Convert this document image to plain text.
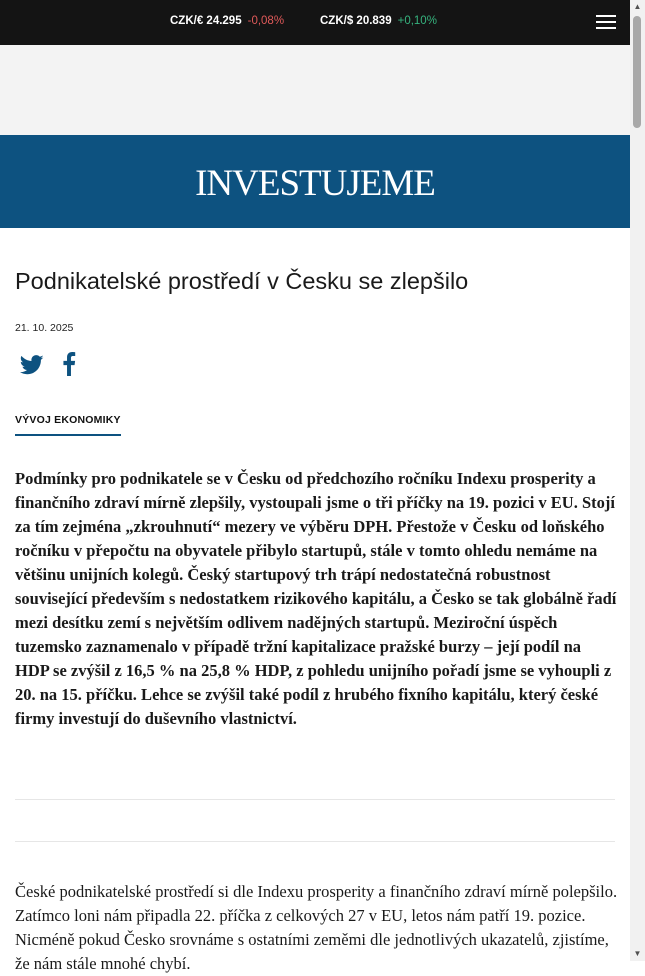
CZK/€ 24.295 -0,08%	CZK/$ 20.839 +0,10%
INVESTUJEME
Podnikatelské prostředí v Česku se zlepšilo
21. 10. 2025

VÝVOJ EKONOMIKY

Podmínky pro podnikatele se v Česku od předchozího ročníku Indexu prosperity a finančního zdraví mírně zlepšily, vystoupali jsme o tři příčky na 19. pozici v EU. Stojí za tím zejména „zkrouhnutí“ mezery ve výběru DPH. Přestože v Česku od loňského ročníku v přepočtu na obyvatele přibylo startupů, stále v tomto ohledu nemáme na většinu unijních kolegů. Český startupový trh trápí nedostatečná robustnost související především s nedostatkem rizikového kapitálu, a Česko se tak globálně řadí mezi desítku zemí s největším odlivem nadějných startupů. Meziroční úspěch tuzemsko zaznamenalo v případě tržní kapitalizace pražské burzy – její podíl na HDP se zvýšil z 16,5 % na 25,8 % HDP, z pohledu unijního pořadí jsme se vyhoupli z 20. na 15. příčku. Lehce se zvýšil také podíl z hrubého fixního kapitálu, který české firmy investují do duševního vlastnictví.

České podnikatelské prostředí si dle Indexu prosperity a finančního zdraví mírně polepšilo. Zatímco loni nám připadla 22. příčka z celkových 27 v EU, letos nám patří 19. pozice. Nicméně pokud Česko srovnáme s ostatními zeměmi dle jednotlivých ukazatelů, zjistíme, že nám stále mnohé chybí.

▲
▼
